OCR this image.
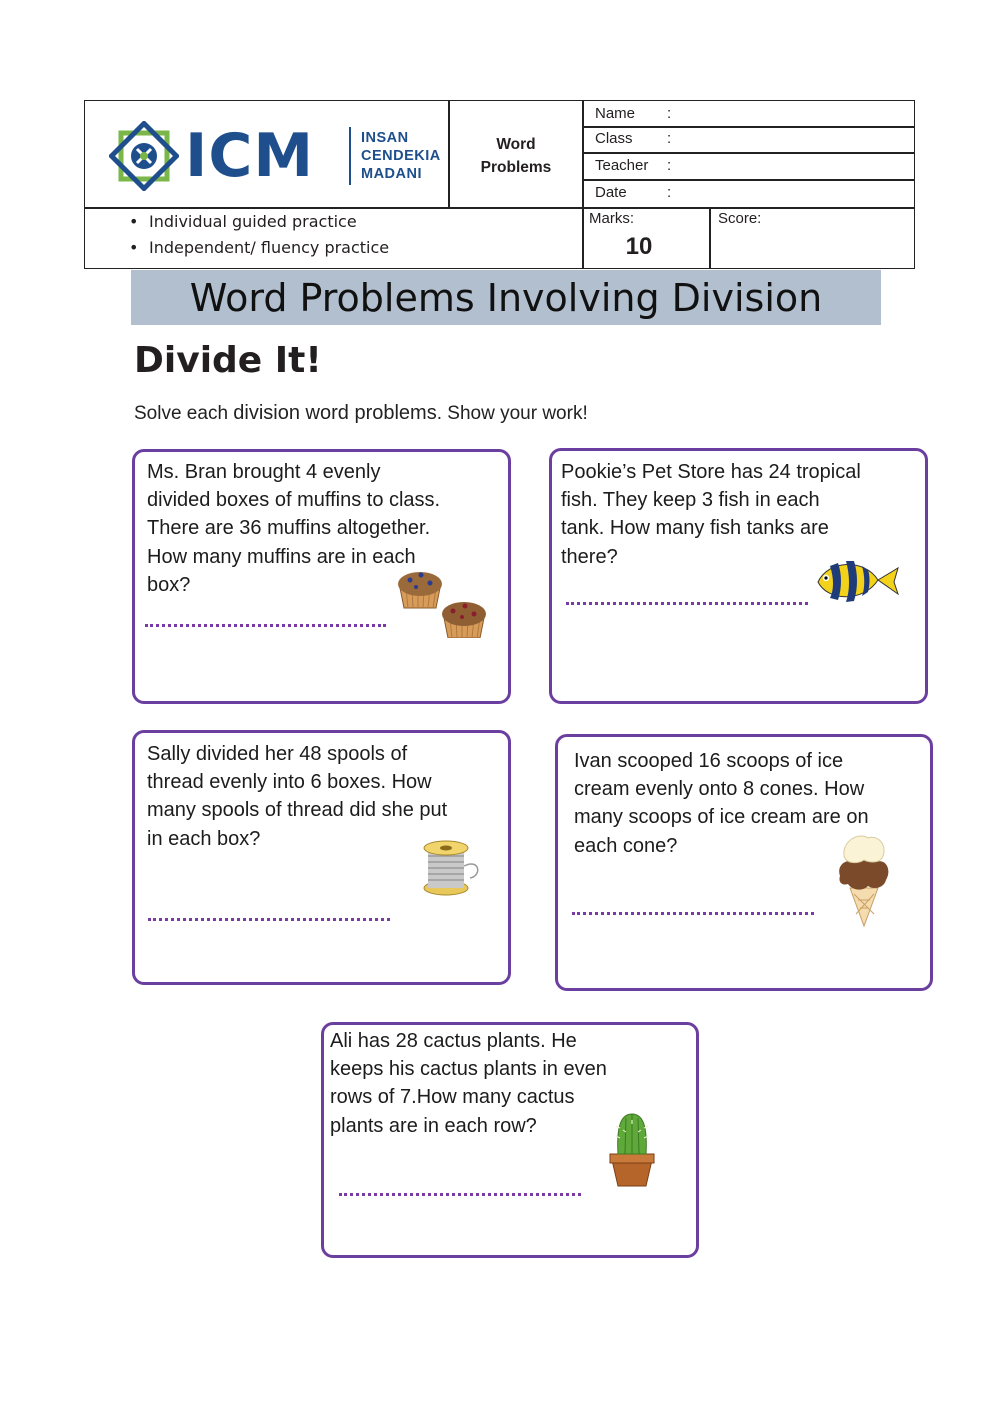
ICM	INSAN
CENDEKIA
MADANI
Word
Problems
Name :
Class :
Teacher :
Date	:
• Individual guided practice
• Independent/ fluency practice
Marks:
10
Score:
Word Problems Involving Division
Divide It!
Solve each division word problems. Show your work!
Ms. Bran brought 4 evenly
divided boxes of muffins to class.
There are 36 muffins altogether.
How many muffins are in each
box?
Pookie’s Pet Store has 24 tropical
fish. They keep 3 fish in each
tank. How many fish tanks are
there?
Sally divided her 48 spools of
thread evenly into 6 boxes. How
many spools of thread did she put
in each box?
Ivan scooped 16 scoops of ice
cream evenly onto 8 cones. How
many scoops of ice cream are on
each cone?
Ali has 28 cactus plants. He
keeps his cactus plants in even
rows of 7.How many cactus
plants are in each row?
